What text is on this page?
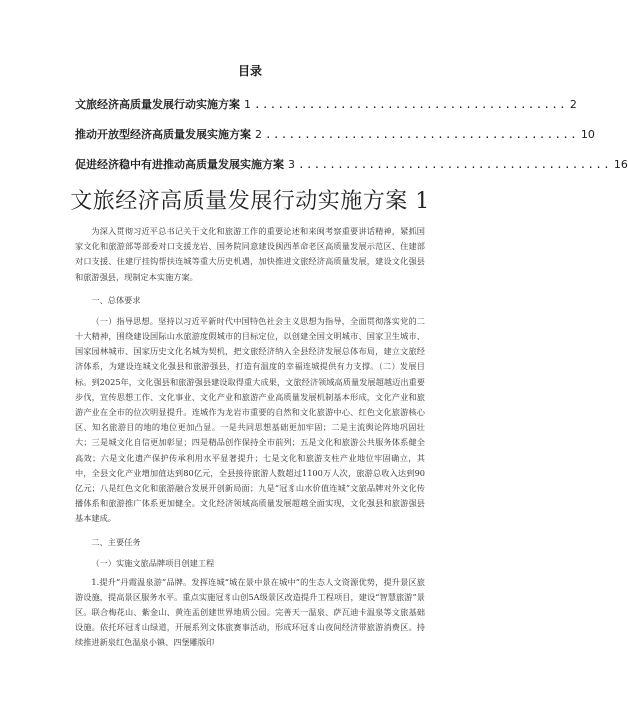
目录
文旅经济高质量发展行动实施方案 1 ........................................ 2
推动开放型经济高质量发展实施方案 2 ........................................ 10
促进经济稳中有进推动高质量发展实施方案 3 ........................................ 16
文旅经济高质量发展行动实施方案 1

为深入贯彻习近平总书记关于文化和旅游工作的重要论述和来闽考察重要讲话精神，紧抓国家文化和旅游部等部委对口支援龙岩、国务院同意建设闽西革命老区高质量发展示范区、住建部对口支援、住建厅挂钩帮扶连城等重大历史机遇，加快推进文旅经济高质量发展，建设文化强县和旅游强县，现制定本实施方案。

一、总体要求

（一）指导思想。坚持以习近平新时代中国特色社会主义思想为指导，全面贯彻落实党的二十大精神，围绕建设国际山水旅游度假城市的目标定位，以创建全国文明城市、国家卫生城市、国家园林城市、国家历史文化名城为契机，把文旅经济纳入全县经济发展总体布局，建立文旅经济体系，为建设连城文化强县和旅游强县，打造有温度的幸福连城提供有力支撑。（二）发展目标。到2025年，文化强县和旅游强县建设取得重大成果，文旅经济领域高质量发展超越迈出重要步伐，宣传思想工作、文化事业、文化产业和旅游产业高质量发展机制基本形成，文化产业和旅游产业在全市的位次明显提升。连城作为龙岩市重要的自然和文化旅游中心、红色文化旅游核心区、知名旅游目的地的地位更加凸显。一是共同思想基础更加牢固；二是主流舆论阵地巩固壮大；三是城文化自信更加彰显；四是精品创作保持全市前列；五是文化和旅游公共服务体系健全高效；六是文化遗产保护传承利用水平显著提升；七是文化和旅游支柱产业地位牢固确立，其中，全县文化产业增加值达到80亿元，全县接待旅游人数超过1100万人次，旅游总收入达到90亿元；八是红色文化和旅游融合发展开创新局面；九是“冠豸山水价值连城”文旅品牌对外文化传播体系和旅游推广体系更加健全。文化经济领域高质量发展超越全面实现，文化强县和旅游强县基本建成。

二、主要任务
（一）实施文旅品牌项目创建工程

1.提升“丹霞温泉游”品牌。发挥连城“城在景中景在城中”的生态人文资源优势，提升景区旅游设施，提高景区服务水平。重点实施冠豸山创5A级景区改造提升工程项目，建设“智慧旅游”景区。联合梅花山、紫金山、黄连盂创建世界地质公园。完善天一温泉、萨瓦迪卡温泉等文旅基础设施。依托环冠豸山绿道，开展系列文体旅赛事活动，形成环冠豸山夜间经济带旅游消费区。持续推进新泉红色温泉小镇、四堡雕版印
